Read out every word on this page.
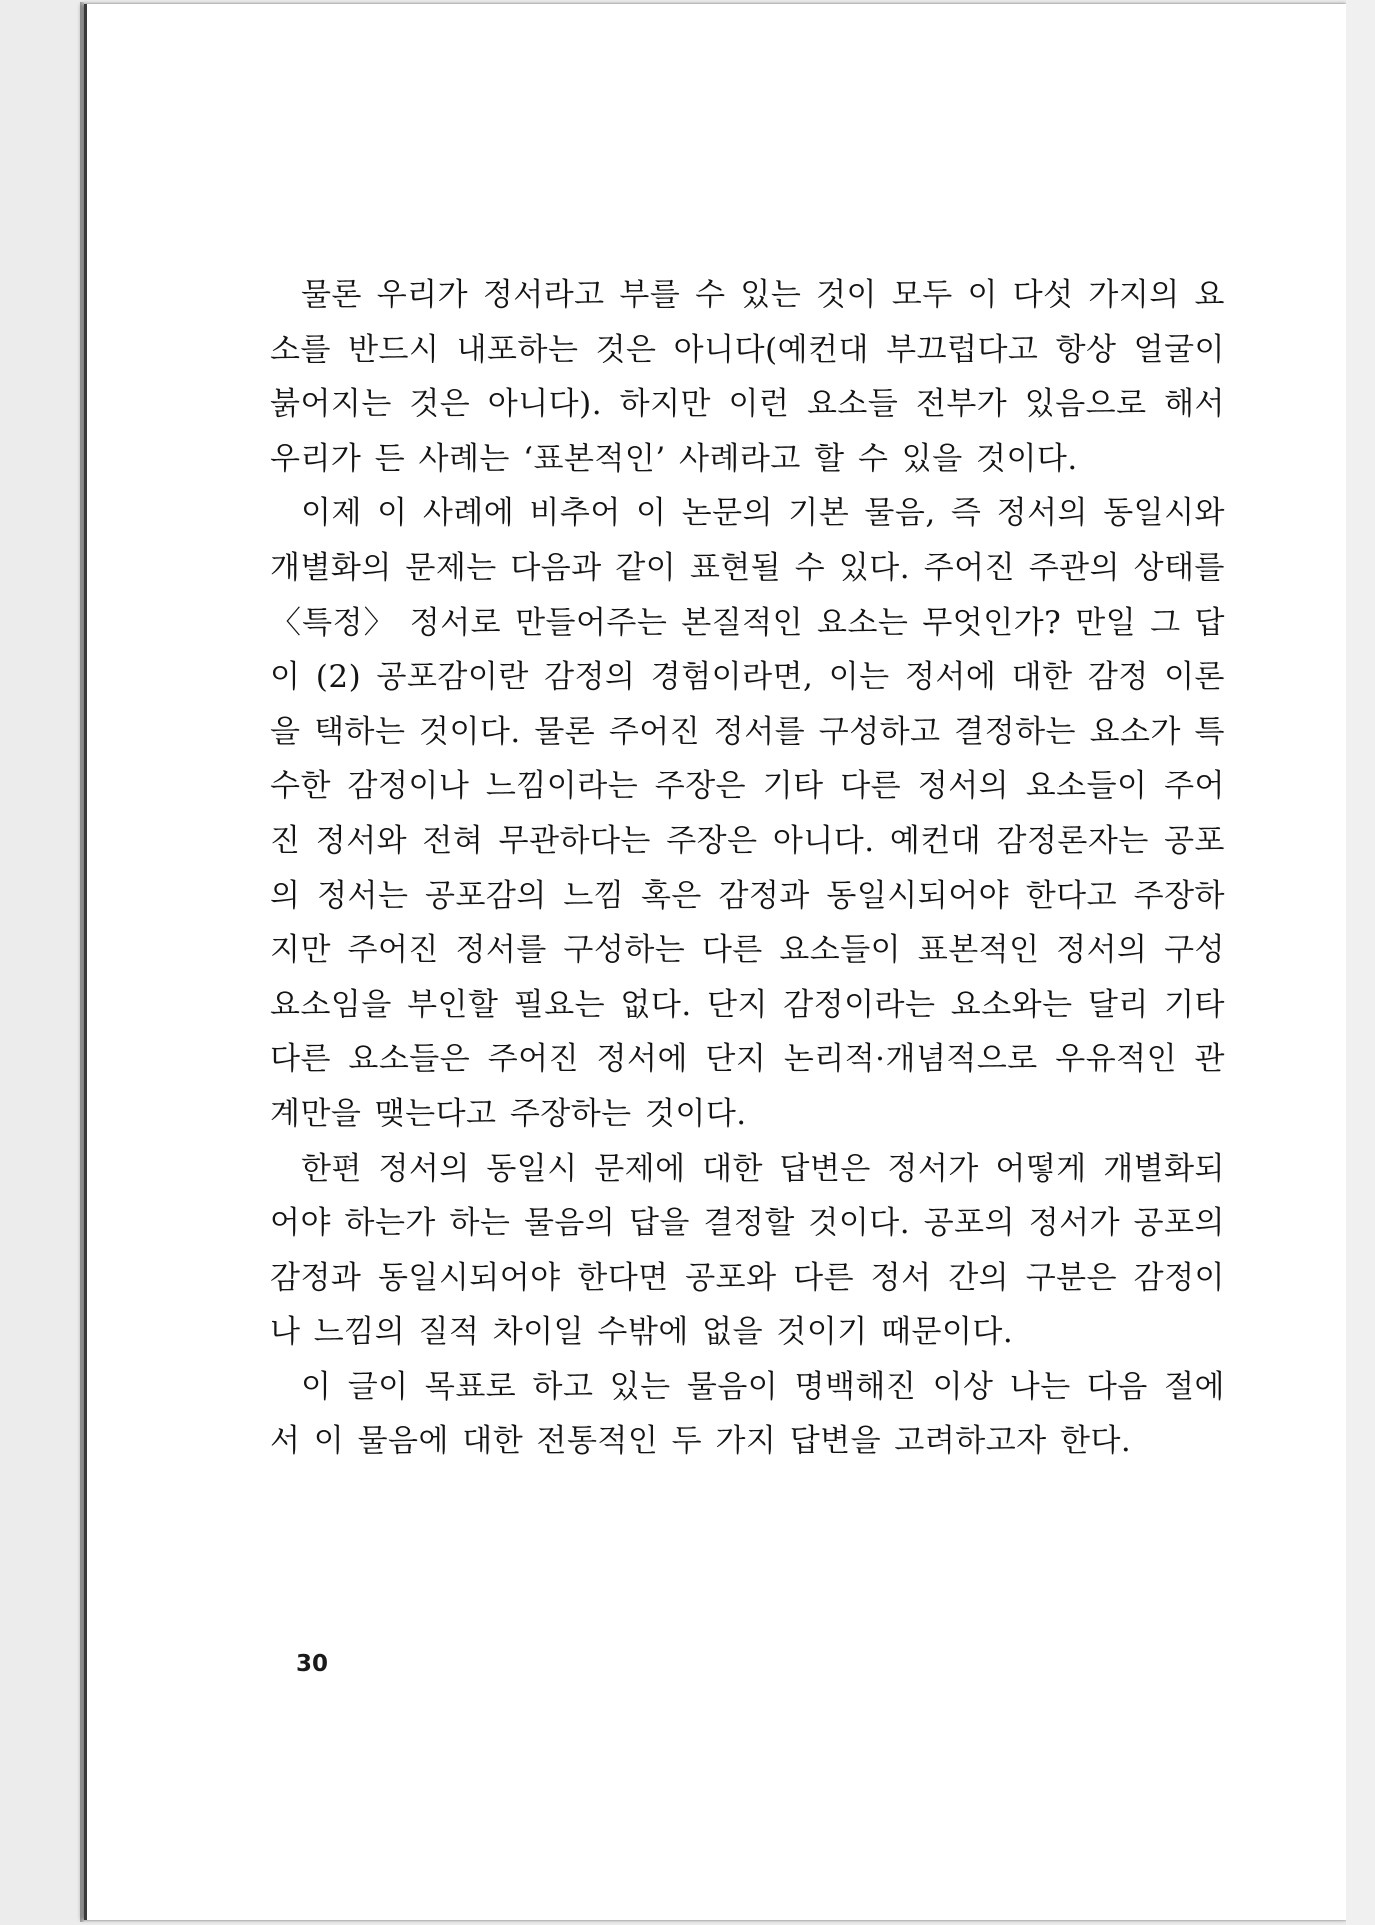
물론 우리가 정서라고 부를 수 있는 것이 모두 이 다섯 가지의 요소를 반드시 내포하는 것은 아니다(예컨대 부끄럽다고 항상 얼굴이 붉어지는 것은 아니다). 하지만 이런 요소들 전부가 있음으로 해서 우리가 든 사례는 ‘표본적인’ 사례라고 할 수 있을 것이다.

이제 이 사례에 비추어 이 논문의 기본 물음, 즉 정서의 동일시와 개별화의 문제는 다음과 같이 표현될 수 있다. 주어진 주관의 상태를 〈특정〉 정서로 만들어주는 본질적인 요소는 무엇인가? 만일 그 답이 (2) 공포감이란 감정의 경험이라면, 이는 정서에 대한 감정 이론을 택하는 것이다. 물론 주어진 정서를 구성하고 결정하는 요소가 특수한 감정이나 느낌이라는 주장은 기타 다른 정서의 요소들이 주어진 정서와 전혀 무관하다는 주장은 아니다. 예컨대 감정론자는 공포의 정서는 공포감의 느낌 혹은 감정과 동일시되어야 한다고 주장하지만 주어진 정서를 구성하는 다른 요소들이 표본적인 정서의 구성 요소임을 부인할 필요는 없다. 단지 감정이라는 요소와는 달리 기타 다른 요소들은 주어진 정서에 단지 논리적·개념적으로 우유적인 관계만을 맺는다고 주장하는 것이다.

한편 정서의 동일시 문제에 대한 답변은 정서가 어떻게 개별화되어야 하는가 하는 물음의 답을 결정할 것이다. 공포의 정서가 공포의 감정과 동일시되어야 한다면 공포와 다른 정서 간의 구분은 감정이나 느낌의 질적 차이일 수밖에 없을 것이기 때문이다.

이 글이 목표로 하고 있는 물음이 명백해진 이상 나는 다음 절에서 이 물음에 대한 전통적인 두 가지 답변을 고려하고자 한다.

30
